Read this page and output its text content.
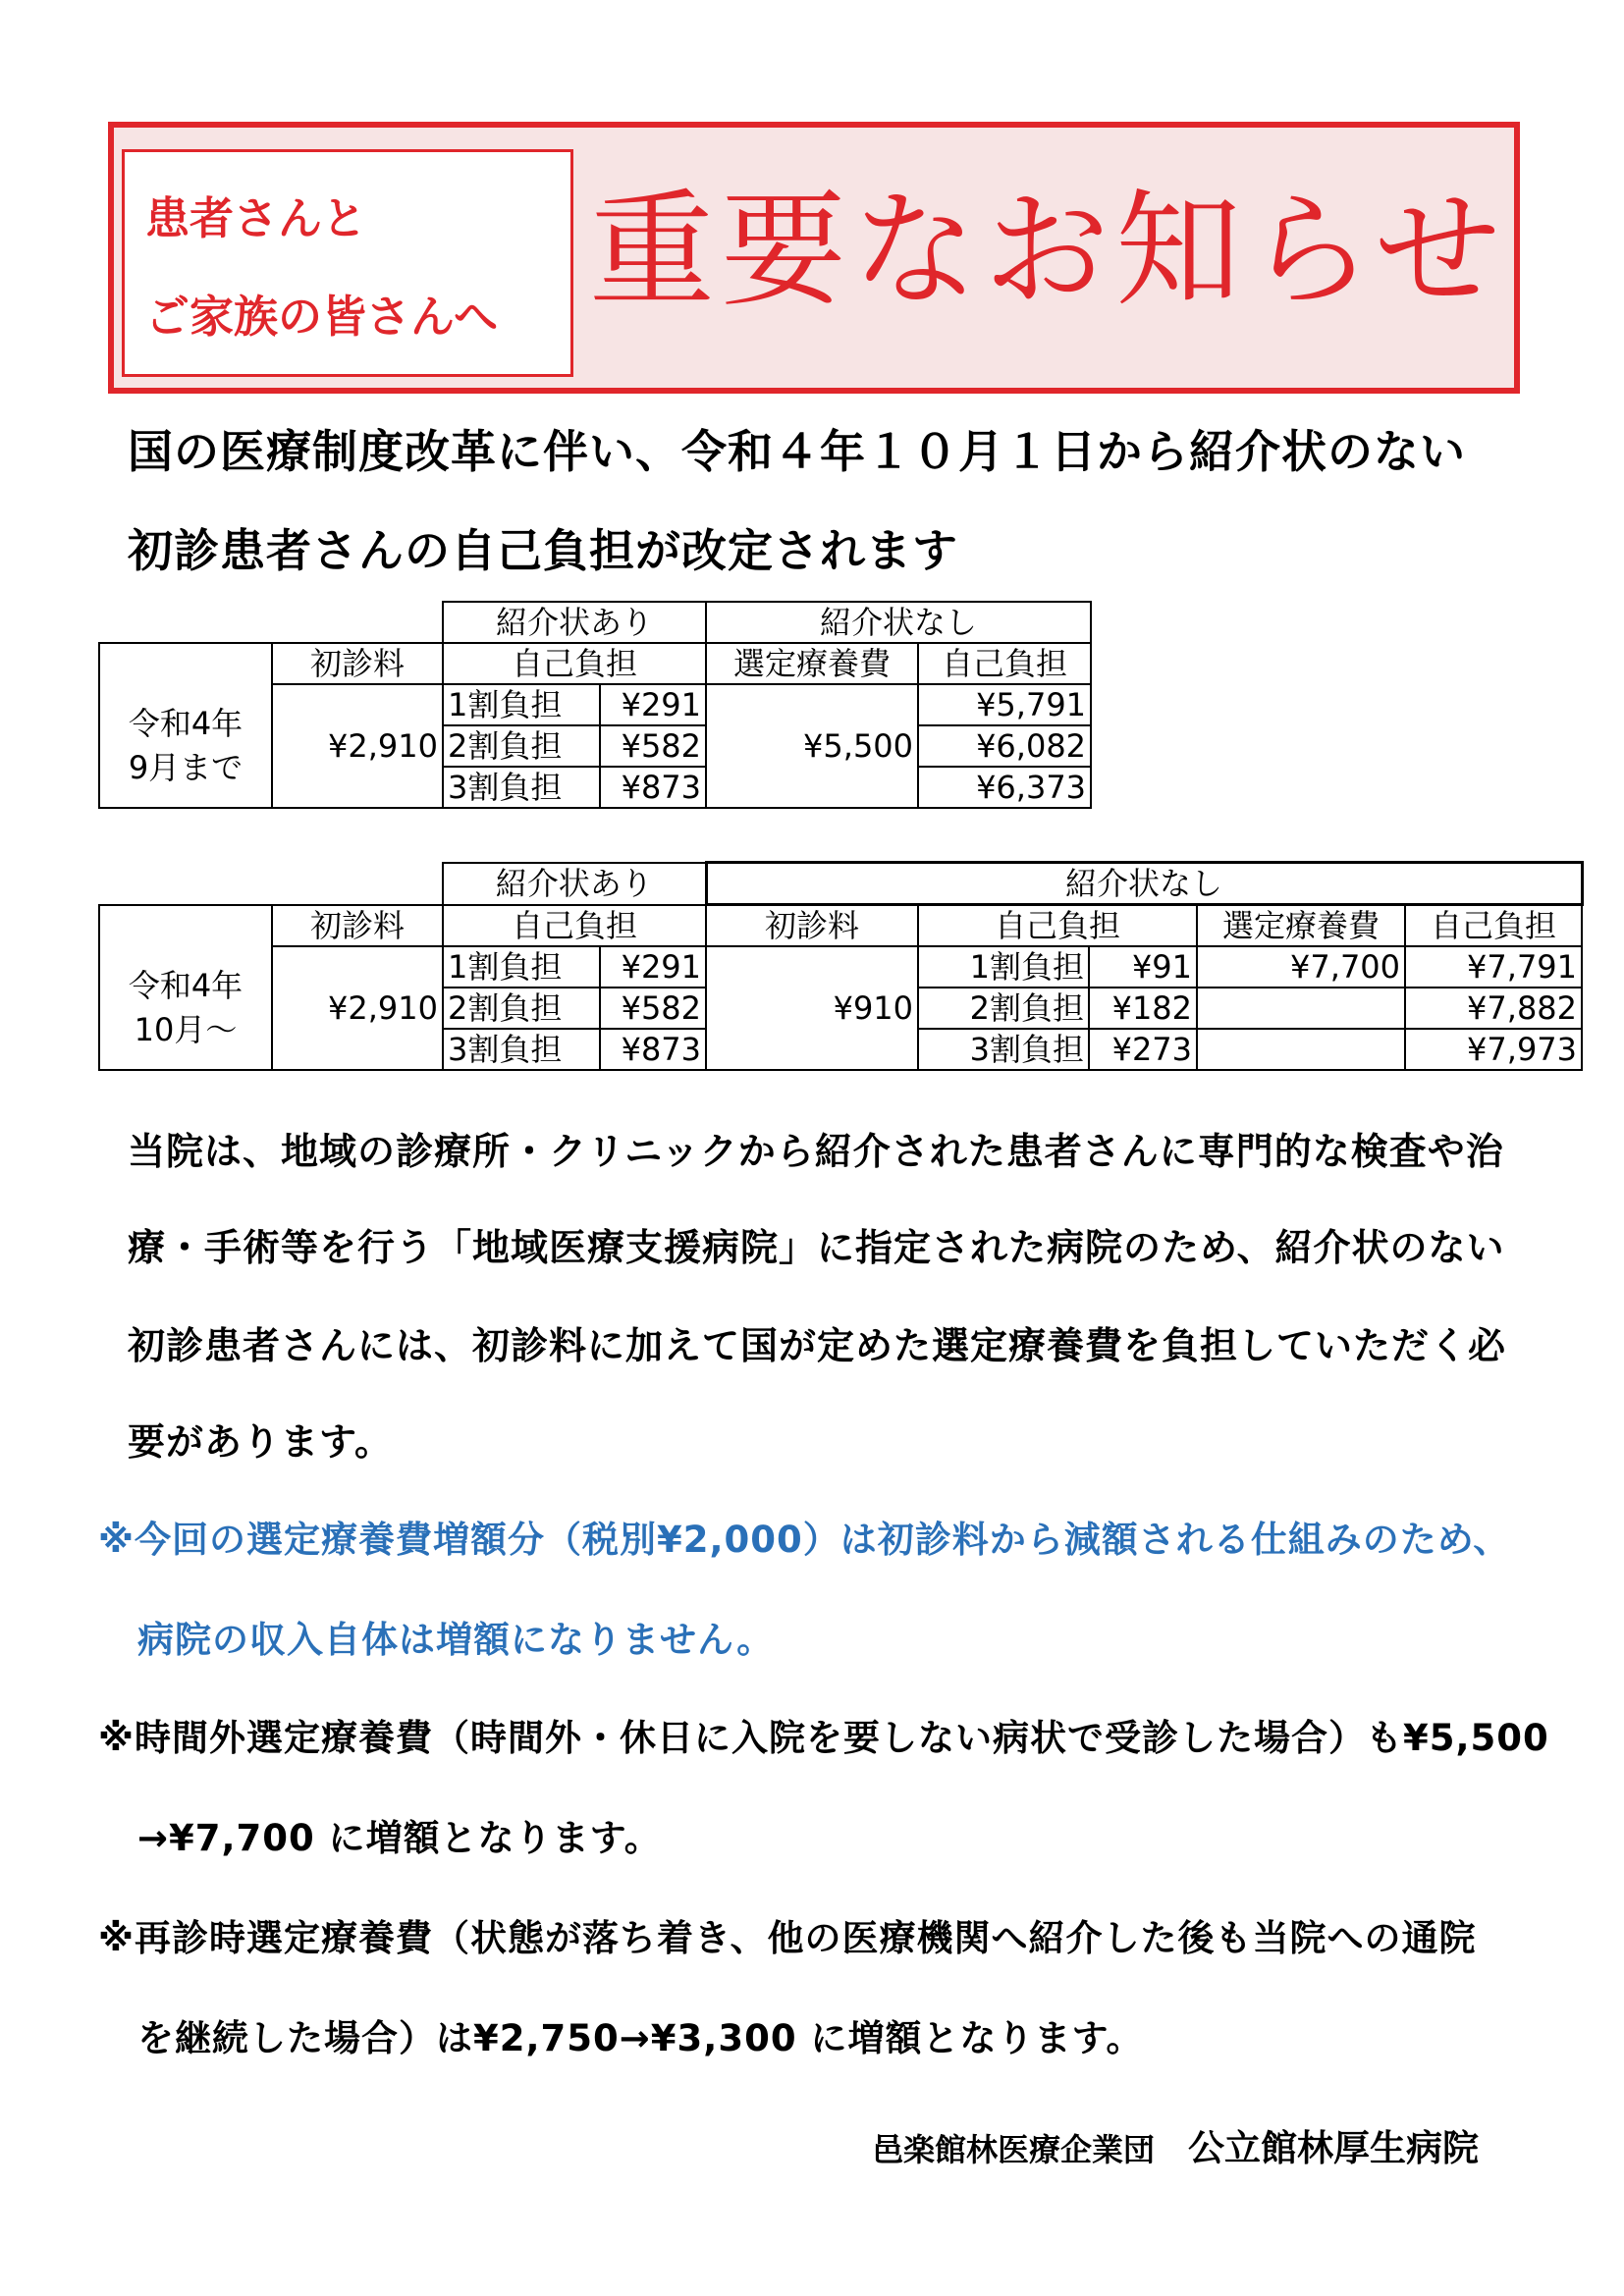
患者さんと
ご家族の皆さんへ 重要なお知らせ
国の医療制度改革に伴い、令和４年１０月１日から紹介状のない
初診患者さんの自己負担が改定されます
		紹介状あり		紹介状なし	
	初診料	自己負担		選定療養費	自己負担

令和4年
9月まで	¥2,910	1割負担	¥291	¥5,500	¥5,791
		2割負担	¥582		¥6,082
		3割負担	¥873		¥6,373
		紹介状あり		紹介状なし				
	初診料	自己負担		初診料	自己負担		選定療養費	自己負担

令和4年
10月～	¥2,910	1割負担	¥291	¥910	1割負担	¥91	¥7,700	¥7,791
		2割負担	¥582		2割負担	¥182		¥7,882
		3割負担	¥873		3割負担	¥273		¥7,973
当院は、地域の診療所・クリニックから紹介された患者さんに専門的な検査や治
療・手術等を行う「地域医療支援病院」に指定された病院のため、紹介状のない
初診患者さんには、初診料に加えて国が定めた選定療養費を負担していただく必
要があります。
※今回の選定療養費増額分（税別¥2,000）は初診料から減額される仕組みのため、
病院の収入自体は増額になりません。
※時間外選定療養費（時間外・休日に入院を要しない病状で受診した場合）も¥5,500
→¥7,700 に増額となります。
※再診時選定療養費（状態が落ち着き、他の医療機関へ紹介した後も当院への通院
を継続した場合）は¥2,750→¥3,300 に増額となります。
邑楽館林医療企業団 公立館林厚生病院
